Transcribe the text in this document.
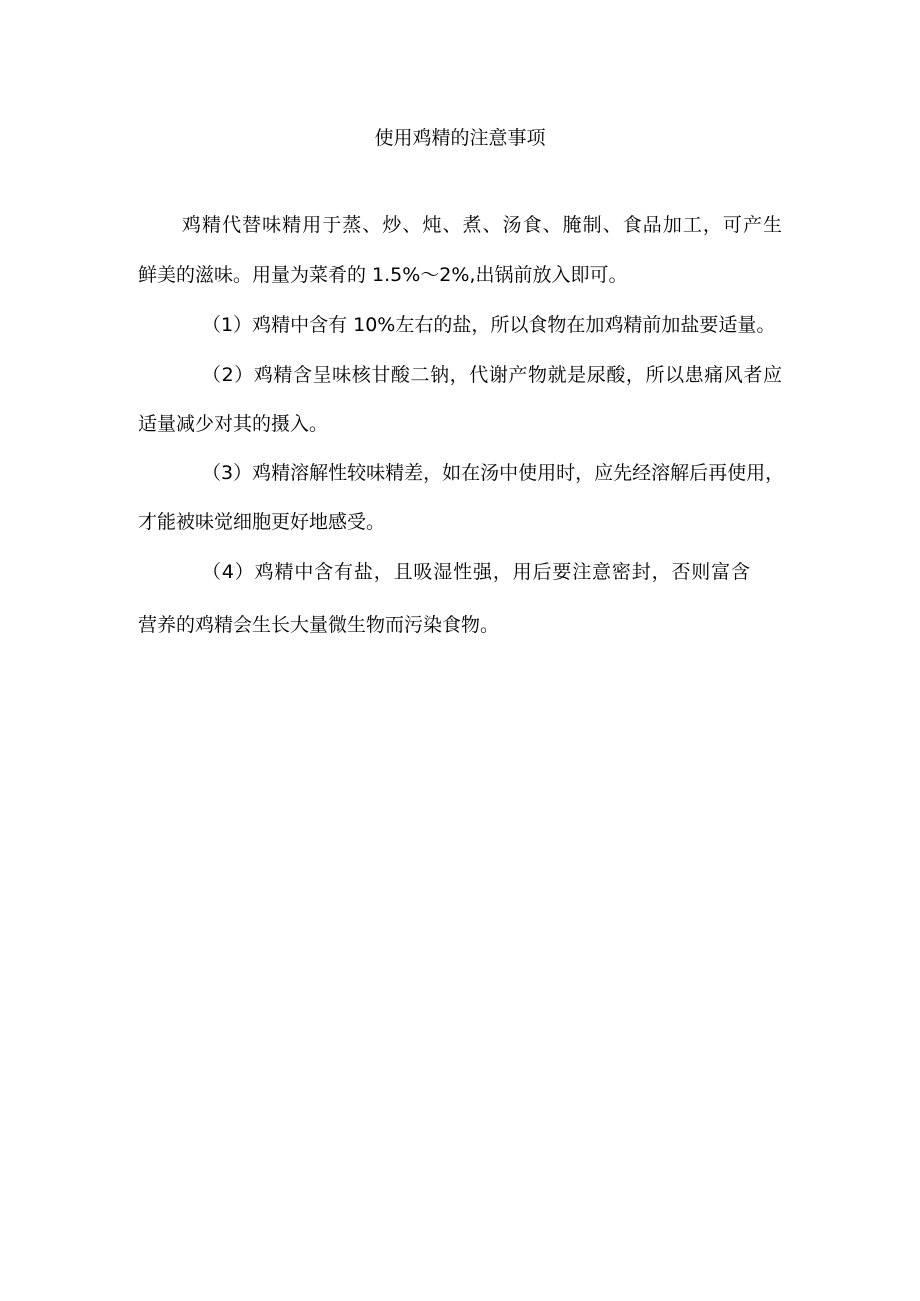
使用鸡精的注意事项
鸡精代替味精用于蒸、炒、炖、煮、汤食、腌制、食品加工，可产生
鲜美的滋味。用量为菜肴的 1.5%～2%,出锅前放入即可。
（1）鸡精中含有 10%左右的盐，所以食物在加鸡精前加盐要适量。
（2）鸡精含呈味核甘酸二钠，代谢产物就是尿酸，所以患痛风者应
适量减少对其的摄入。
（3）鸡精溶解性较味精差，如在汤中使用时，应先经溶解后再使用，
才能被味觉细胞更好地感受。
（4）鸡精中含有盐，且吸湿性强，用后要注意密封，否则富含
营养的鸡精会生长大量微生物而污染食物。
